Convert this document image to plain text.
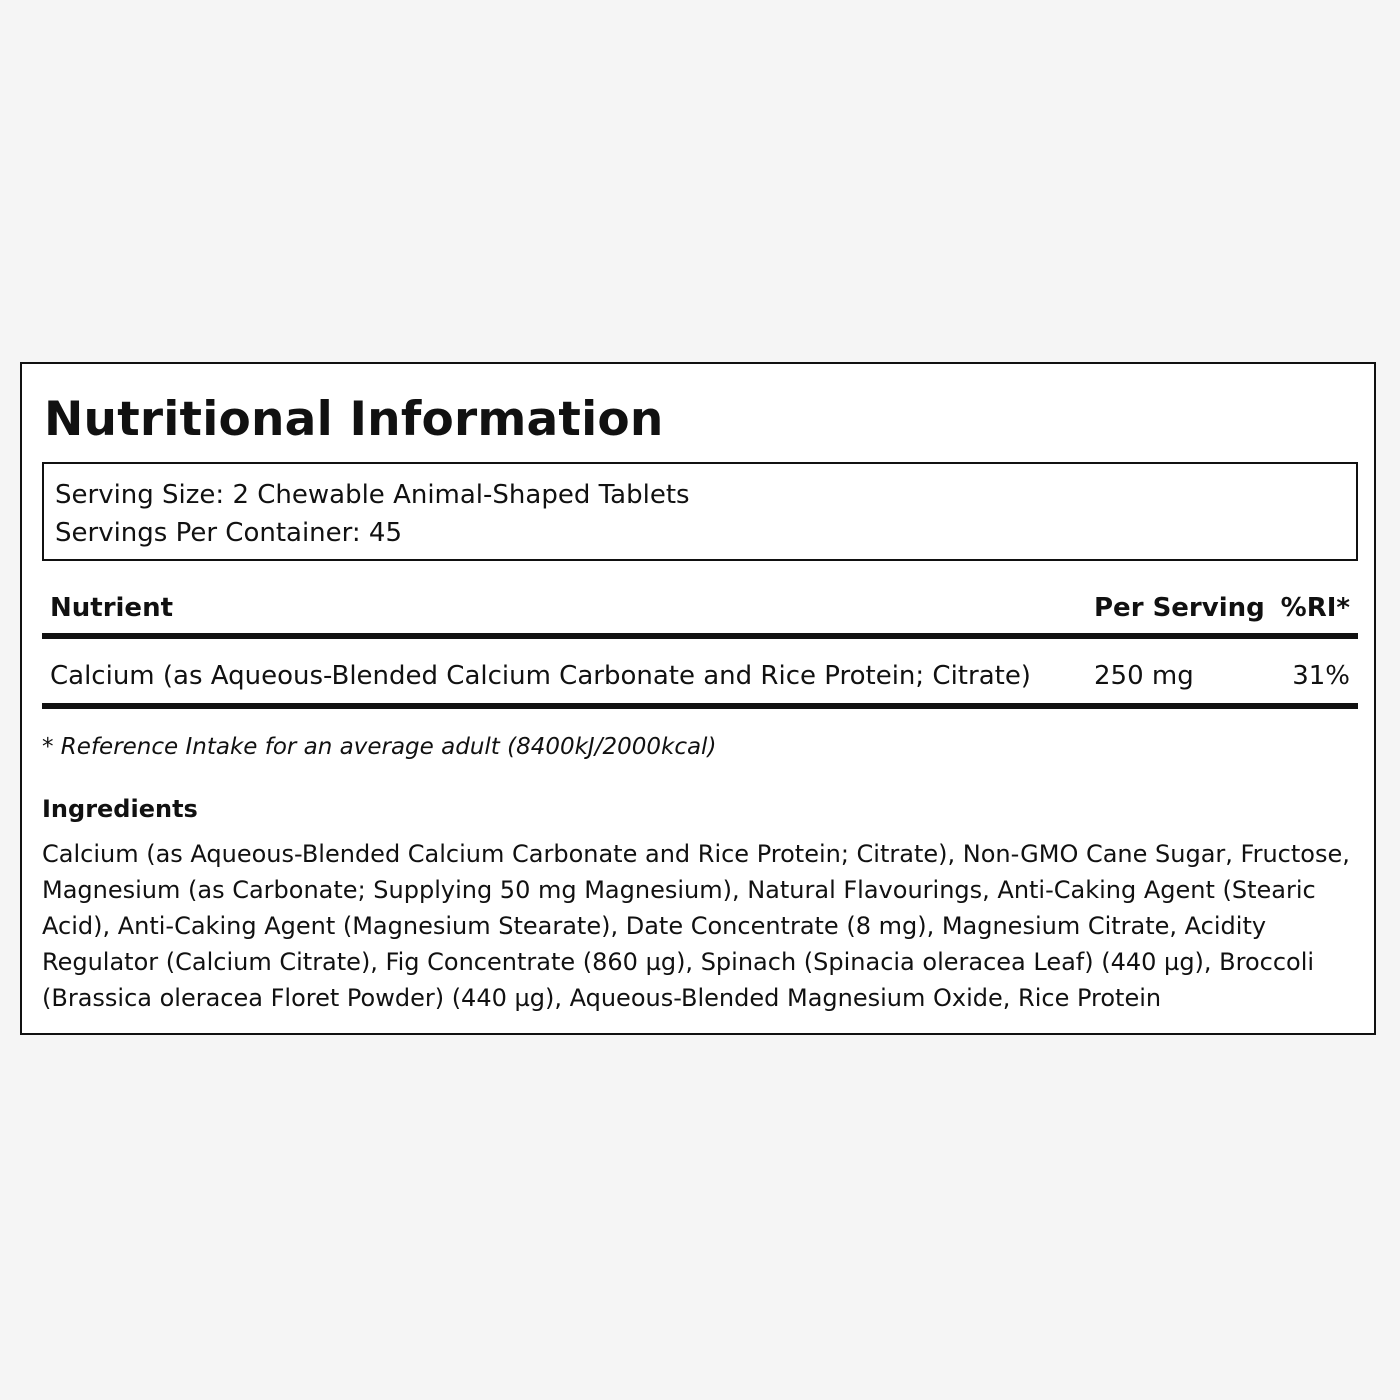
Nutritional Information
Serving Size: 2 Chewable Animal-Shaped Tablets
Servings Per Container: 45
Nutrient	Per Serving %RI*
Calcium (as Aqueous-Blended Calcium Carbonate and Rice Protein; Citrate) 250 mg	31%
* Reference Intake for an average adult (8400kJ/2000kcal)
Ingredients

Calcium (as Aqueous-Blended Calcium Carbonate and Rice Protein; Citrate), Non-GMO Cane Sugar, Fructose, Magnesium (as Carbonate; Supplying 50 mg Magnesium), Natural Flavourings, Anti-Caking Agent (Stearic Acid), Anti-Caking Agent (Magnesium Stearate), Date Concentrate (8 mg), Magnesium Citrate, Acidity Regulator (Calcium Citrate), Fig Concentrate (860 µg), Spinach (Spinacia oleracea Leaf) (440 µg), Broccoli (Brassica oleracea Floret Powder) (440 µg), Aqueous-Blended Magnesium Oxide, Rice Protein
